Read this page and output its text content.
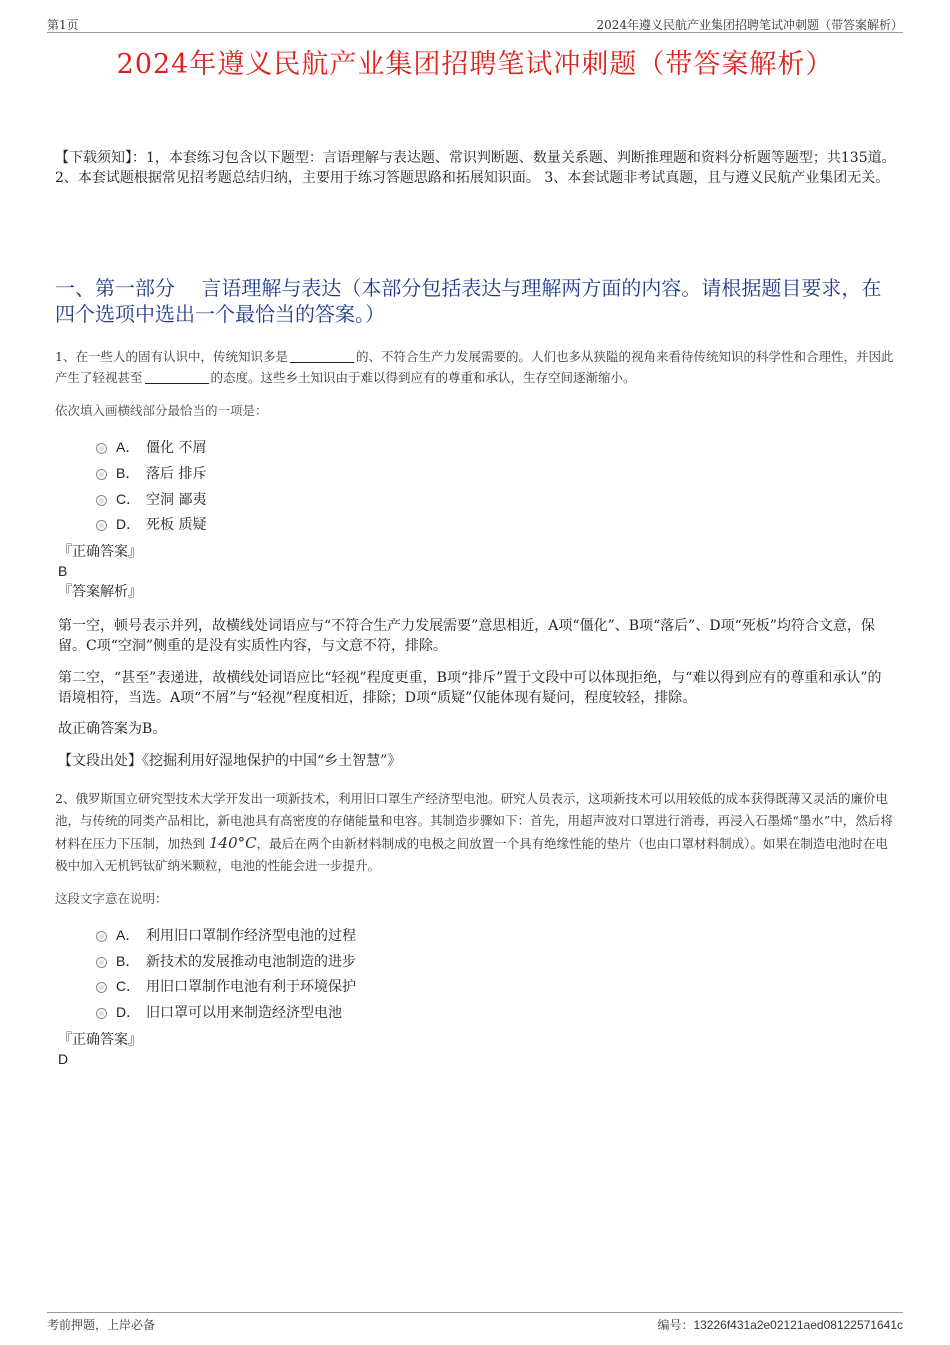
第1页	2024年遵义民航产业集团招聘笔试冲刺题（带答案解析）
2024年遵义民航产业集团招聘笔试冲刺题（带答案解析）
【下载须知】：1，本套练习包含以下题型：言语理解与表达题、常识判断题、数量关系题、判断推理题和资料分析题等题型；共135道。 2、本套试题根据常见招考题总结归纳，主要用于练习答题思路和拓展知识面。 3、本套试题非考试真题，且与遵义民航产业集团无关。
一、第一部分　 言语理解与表达（本部分包括表达与理解两方面的内容。请根据题目要求，在四个选项中选出一个最恰当的答案。）
1、在一些人的固有认识中，传统知识多是	的、不符合生产力发展需要的。人们也多从狭隘的视角来看待传统知识的科学性和合理性，并因此产生了轻视甚至	的态度。这些乡土知识由于难以得到应有的尊重和承认，生存空间逐渐缩小。
依次填入画横线部分最恰当的一项是：
A． 僵化 不屑
B． 落后 排斥
C． 空洞 鄙夷
D． 死板 质疑
『正确答案』
B
『答案解析』
第一空，顿号表示并列，故横线处词语应与“不符合生产力发展需要”意思相近，A项“僵化”、B项“落后”、D项“死板”均符合文意，保留。C项“空洞”侧重的是没有实质性内容，与文意不符，排除。
第二空，“甚至”表递进，故横线处词语应比“轻视”程度更重，B项“排斥”置于文段中可以体现拒绝，与“难以得到应有的尊重和承认”的语境相符，当选。A项“不屑”与“轻视”程度相近，排除；D项“质疑”仅能体现有疑问，程度较轻，排除。
故正确答案为B。
【文段出处】《挖掘利用好湿地保护的中国“乡土智慧”》
2、俄罗斯国立研究型技术大学开发出一项新技术，利用旧口罩生产经济型电池。研究人员表示，这项新技术可以用较低的成本获得既薄又灵活的廉价电池，与传统的同类产品相比，新电池具有高密度的存储能量和电容。其制造步骤如下：首先，用超声波对口罩进行消毒，再浸入石墨烯“墨水”中，然后将材料在压力下压制，加热到 140°C，最后在两个由新材料制成的电极之间放置一个具有绝缘性能的垫片（也由口罩材料制成）。如果在制造电池时在电极中加入无机钙钛矿纳米颗粒，电池的性能会进一步提升。
这段文字意在说明：
A． 利用旧口罩制作经济型电池的过程
B． 新技术的发展推动电池制造的进步
C． 用旧口罩制作电池有利于环境保护
D． 旧口罩可以用来制造经济型电池
『正确答案』
D
考前押题，上岸必备	编号：13226f431a2e02121aed08122571641c
